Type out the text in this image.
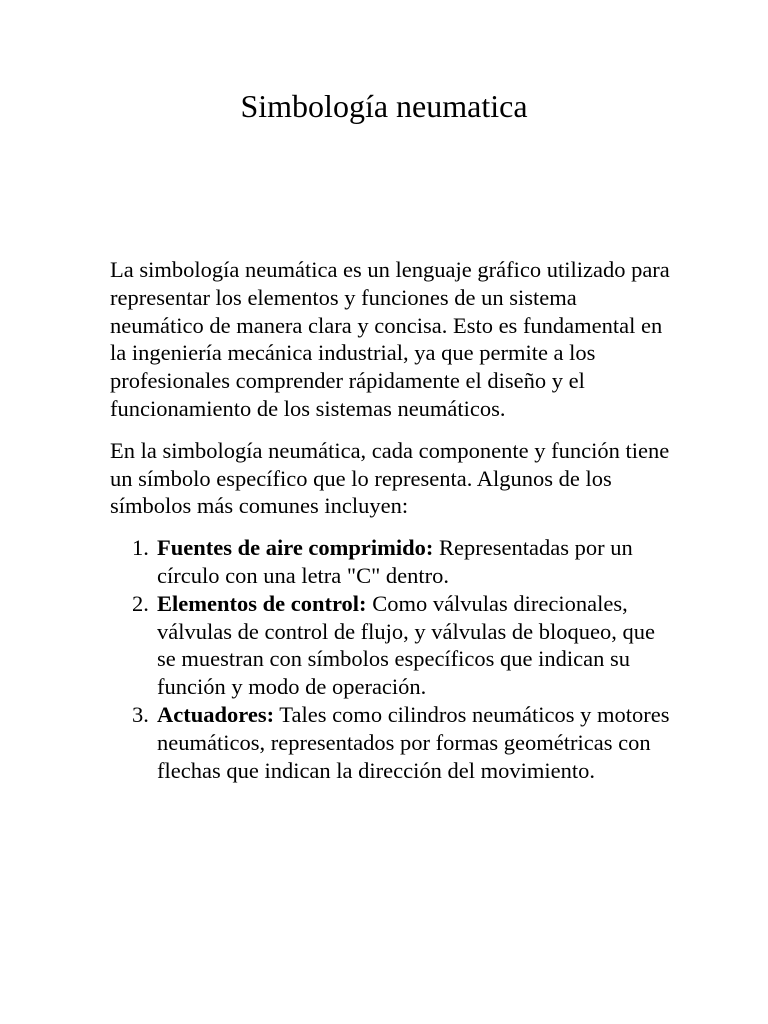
Simbología neumatica

La simbología neumática es un lenguaje gráfico utilizado para representar los elementos y funciones de un sistema neumático de manera clara y concisa. Esto es fundamental en la ingeniería mecánica industrial, ya que permite a los profesionales comprender rápidamente el diseño y el funcionamiento de los sistemas neumáticos.

En la simbología neumática, cada componente y función tiene un símbolo específico que lo representa. Algunos de los símbolos más comunes incluyen:

1. Fuentes de aire comprimido: Representadas por un círculo con una letra "C" dentro.
2. Elementos de control: Como válvulas direcionales, válvulas de control de flujo, y válvulas de bloqueo, que se muestran con símbolos específicos que indican su función y modo de operación.
3. Actuadores: Tales como cilindros neumáticos y motores neumáticos, representados por formas geométricas con flechas que indican la dirección del movimiento.
